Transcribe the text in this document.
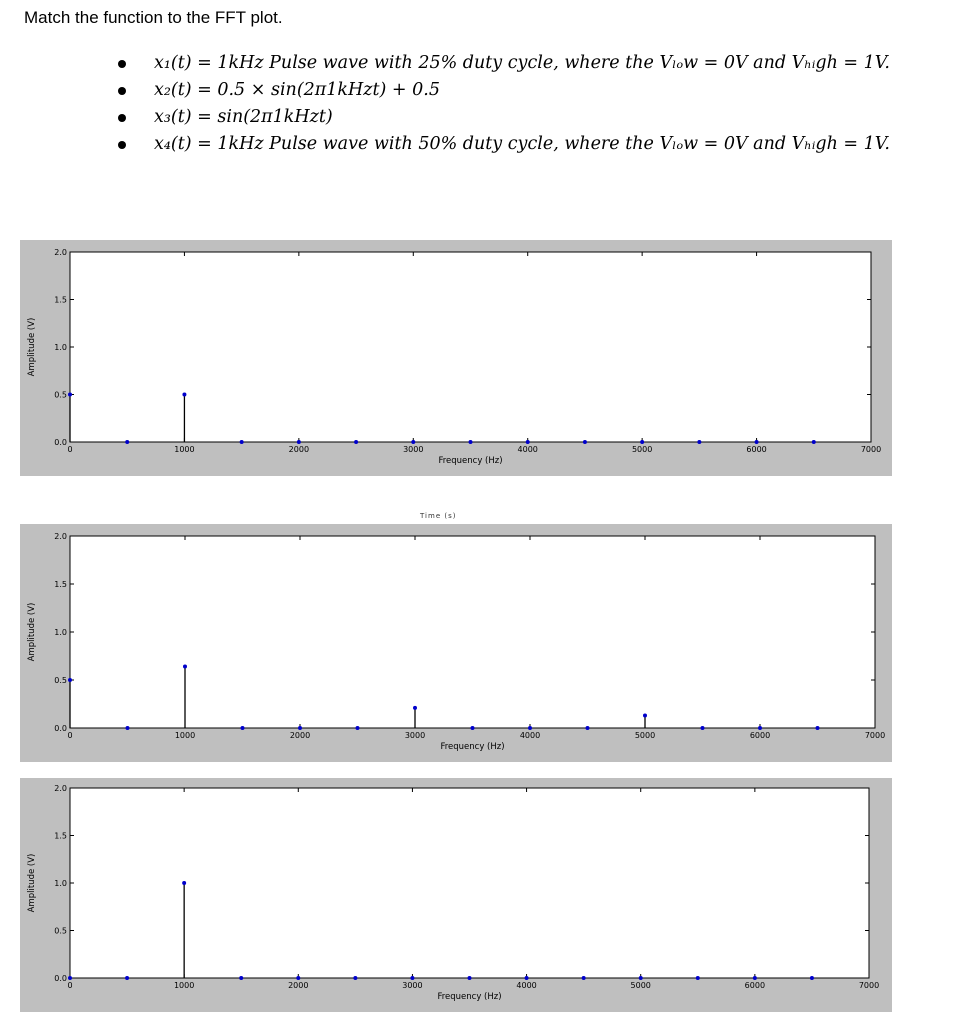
Match the function to the FFT plot.
x₁(t) = 1kHz Pulse wave with 25% duty cycle, where the Vₗₒw = 0V and Vₕᵢgh = 1V.
x₂(t) = 0.5 × sin(2π1kHzt) + 0.5
x₃(t) = sin(2π1kHzt)
x₄(t) = 1kHz Pulse wave with 50% duty cycle, where the Vₗₒw = 0V and Vₕᵢgh = 1V.
0.0
0.5
1.0
1.5
2.0
0	1000	2000	3000	4000	5000	6000	7000
Frequency (Hz)
Amplitude (V)
Time (s)
0.0
0.5
1.0
1.5
2.0
0	1000	2000	3000	4000	5000	6000	7000
Frequency (Hz)
Amplitude (V)
0.0
0.5
1.0
1.5
2.0
0	1000	2000	3000	4000	5000	6000	7000
Frequency (Hz)
Amplitude (V)
